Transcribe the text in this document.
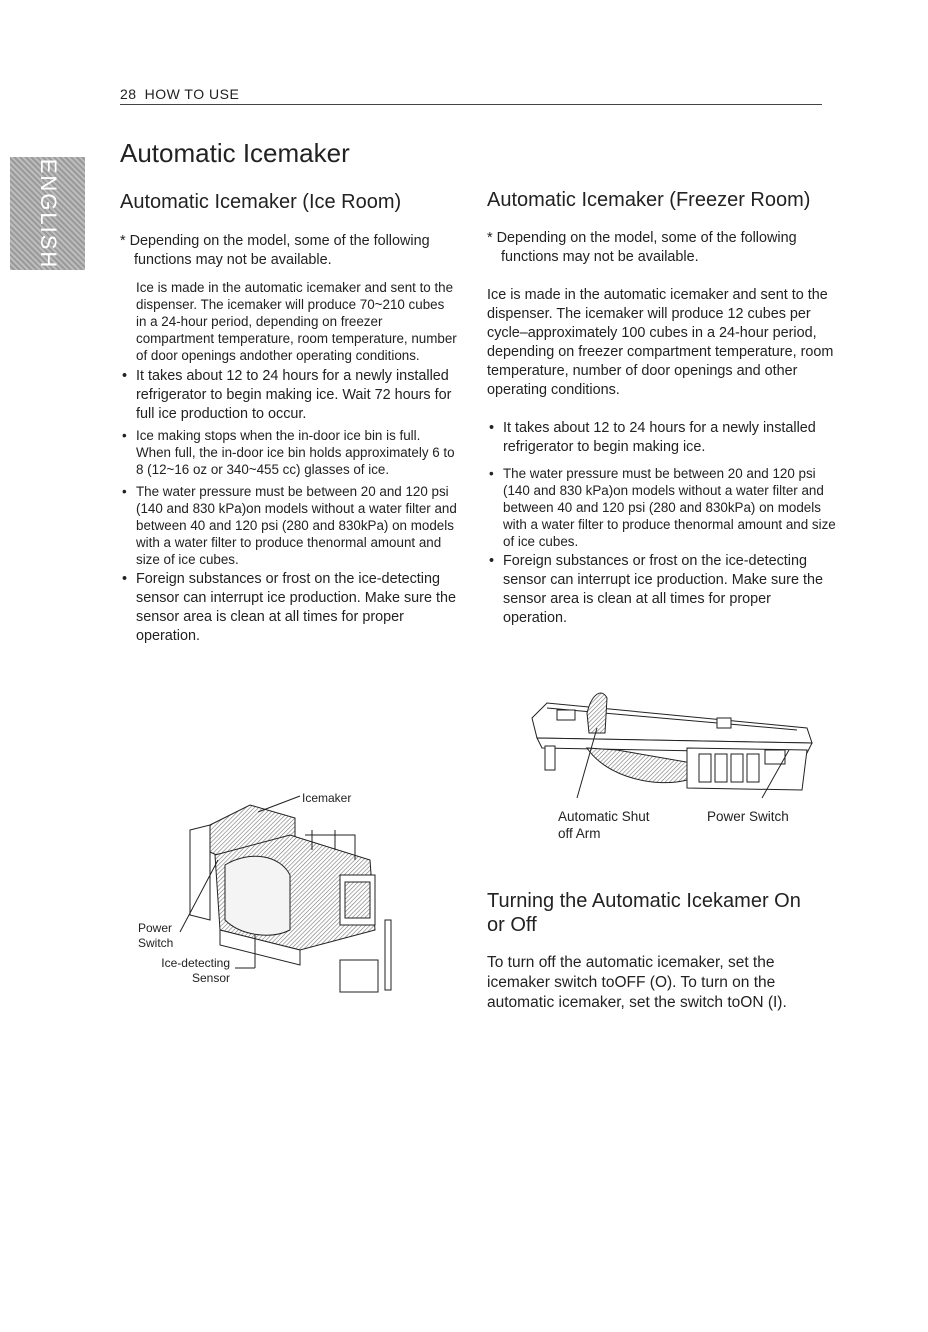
28 HOW TO USE
ENGLISH
Automatic Icemaker
Automatic Icemaker (Ice Room)

* Depending on the model, some of the following functions may not be available.

Ice is made in the automatic icemaker and sent to the dispenser. The icemaker will produce 70~210 cubes in a 24-hour period, depending on freezer compartment temperature, room temperature, number of door openings andother operating conditions.

• It takes about 12 to 24 hours for a newly installed refrigerator to begin making ice. Wait 72 hours for full ice production to occur.
• Ice making stops when the in-door ice bin is full. When full, the in-door ice bin holds approximately 6 to 8 (12~16 oz or 340~455 cc) glasses of ice.
• The water pressure must be between 20 and 120 psi (140 and 830 kPa)on models without a water filter and between 40 and 120 psi (280 and 830kPa) on models with a water filter to produce thenormal amount and size of ice cubes.
• Foreign substances or frost on the ice-detecting sensor can interrupt ice production. Make sure the sensor area is clean at all times for proper operation.
Icemaker
Power Switch
Ice-detecting Sensor
Automatic Icemaker (Freezer Room)

* Depending on the model, some of the following functions may not be available.

Ice is made in the automatic icemaker and sent to the dispenser. The icemaker will produce 12 cubes per cycle–approximately 100 cubes in a 24-hour period, depending on freezer compartment temperature, room temperature, number of door openings and other operating conditions.

• It takes about 12 to 24 hours for a newly installed refrigerator to begin making ice.
• The water pressure must be between 20 and 120 psi (140 and 830 kPa)on models without a water filter and between 40 and 120 psi (280 and 830kPa) on models with a water filter to produce thenormal amount and size of ice cubes.
• Foreign substances or frost on the ice-detecting sensor can interrupt ice production. Make sure the sensor area is clean at all times for proper operation.
Automatic Shut off Arm
Power Switch
Turning the Automatic Icekamer On or Off
To turn off the automatic icemaker, set the icemaker switch toOFF (O). To turn on the automatic icemaker, set the switch toON (I).
